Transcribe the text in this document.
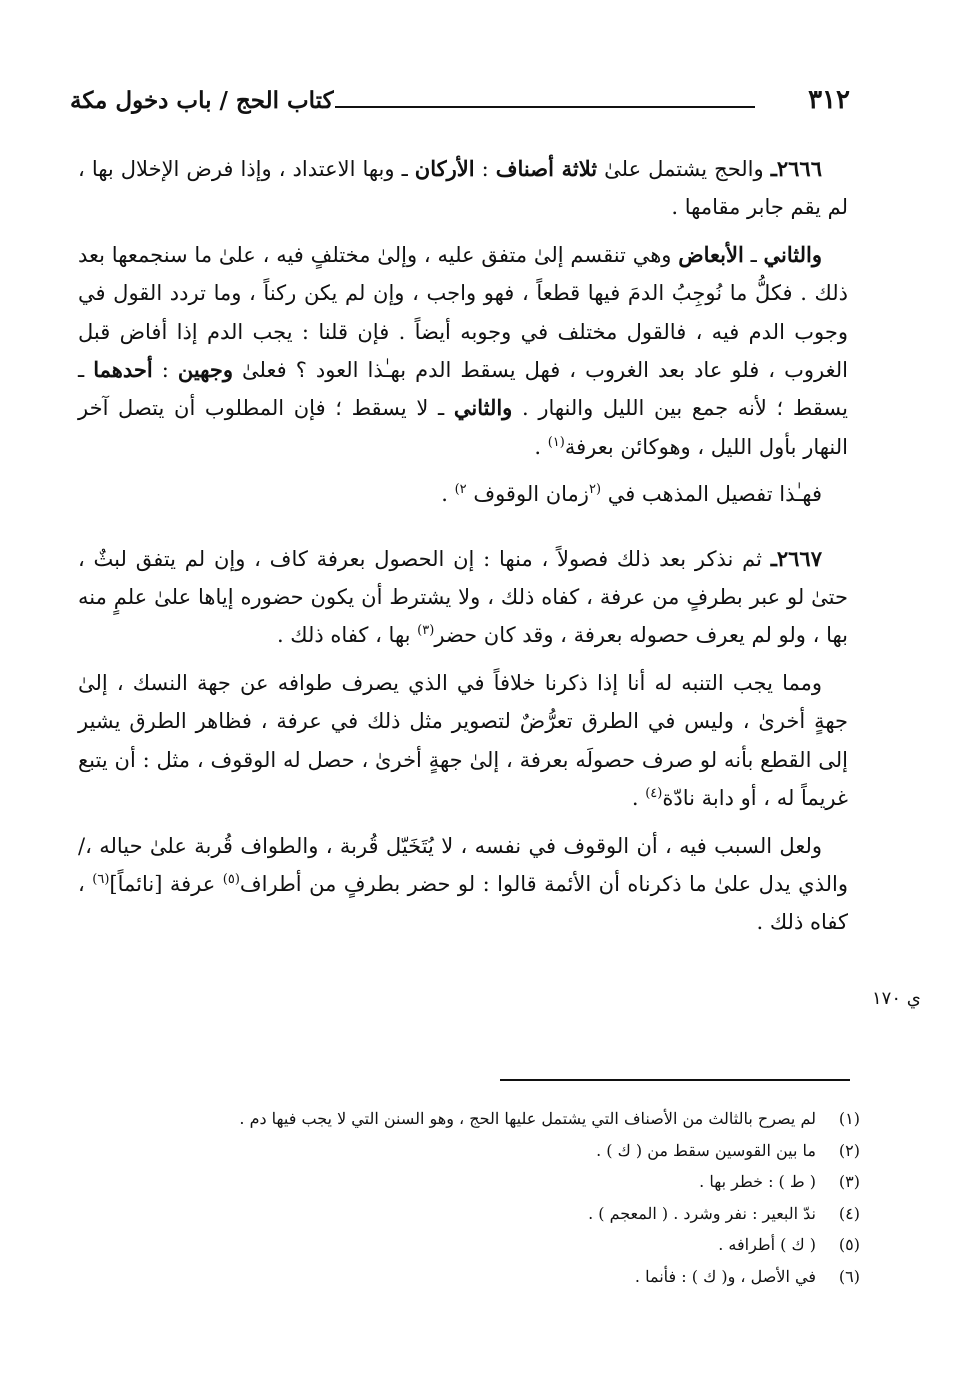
٣١٢
كتاب الحج / باب دخول مكة

٢٦٦٦ـ والحج يشتمل علىٰ ثلاثة أصناف : الأركان ـ وبها الاعتداد ، وإذا فرض الإخلال بها ، لم يقم جابر مقامها .

والثاني ـ الأبعاض وهي تنقسم إلىٰ متفق عليه ، وإلىٰ مختلفٍ فيه ، علىٰ ما سنجمعها بعد ذلك . فكلُّ ما نُوجِبُ الدمَ فيها قطعاً ، فهو واجب ، وإن لم يكن ركناً ، وما تردد القول في وجوب الدم فيه ، فالقول مختلف في وجوبه أيضاً . فإن قلنا : يجب الدم إذا أفاض قبل الغروب ، فلو عاد بعد الغروب ، فهل يسقط الدم بهـٰذا العود ؟ فعلىٰ وجهين : أحدهما ـ يسقط ؛ لأنه جمع بين الليل والنهار . والثاني ـ لا يسقط ؛ فإن المطلوب أن يتصل آخر النهار بأول الليل ، وهوكائن بعرفة$^{(١)}$ .

فهـٰذا تفصيل المذهب في $^{(٢}$زمان الوقوف $^{٢)}$ .

٢٦٦٧ـ ثم نذكر بعد ذلك فصولاً ، منها : إن الحصول بعرفة كاف ، وإن لم يتفق لبثٌ ، حتىٰ لو عبر بطرفٍ من عرفة ، كفاه ذلك ، ولا يشترط أن يكون حضوره إياها علىٰ علمٍ منه بها ، ولو لم يعرف حصوله بعرفة ، وقد كان حضر$^{(٣)}$ بها ، كفاه ذلك .

ومما يجب التنبه له أنا إذا ذكرنا خلافاً في الذي يصرف طوافه عن جهة النسك ، إلىٰ جهةٍ أخرىٰ ، وليس في الطرق تعرُّضٌ لتصوير مثل ذلك في عرفة ، فظاهر الطرق يشير إلى القطع بأنه لو صرف حصولَه بعرفة ، إلىٰ جهةٍ أخرىٰ ، حصل له الوقوف ، مثل : أن يتبع غريماً له ، أو دابة نادّة$^{(٤)}$ .

ولعل السبب فيه ، أن الوقوف في نفسه ، لا يُتَخَيّل قُربة ، والطواف قُربة علىٰ حياله ،/ والذي يدل علىٰ ما ذكرناه أن الأئمة قالوا : لو حضر بطرفٍ من أطراف$^{(٥)}$ عرفة [نائماً]$^{(٦)}$ ، كفاه ذلك .

ي ١٧٠
(١)
لم يصرح بالثالث من الأصناف التي يشتمل عليها الحج ، وهو السنن التي لا يجب فيها دم .
(٢)
ما بين القوسين سقط من ( ك ) .
(٣)
( ط ) : خطر بها .
(٤)
ندّ البعير : نفر وشرد . ( المعجم ) .
(٥)
( ك ) أطرافه .
(٦)
في الأصل ، و( ك ) : فأنما .
